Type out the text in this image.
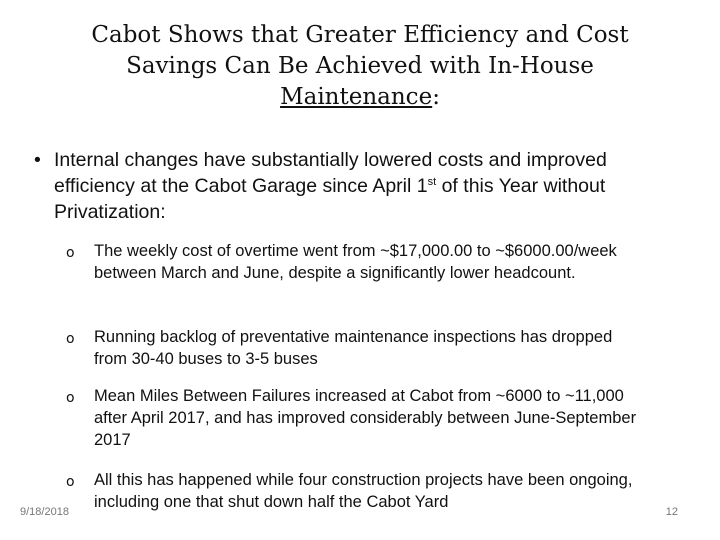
Cabot Shows that Greater Efficiency and Cost
Savings Can Be Achieved with In-House
Maintenance:
• Internal changes have substantially lowered costs and improved efficiency at the Cabot Garage since April 1st of this Year without Privatization:
o The weekly cost of overtime went from ~$17,000.00 to ~$6000.00/week between March and June, despite a significantly lower headcount.
o Running backlog of preventative maintenance inspections has dropped from 30-40 buses to 3-5 buses
o Mean Miles Between Failures increased at Cabot from ~6000 to ~11,000 after April 2017, and has improved considerably between June-September 2017
o All this has happened while four construction projects have been ongoing, including one that shut down half the Cabot Yard
9/18/2018	12
